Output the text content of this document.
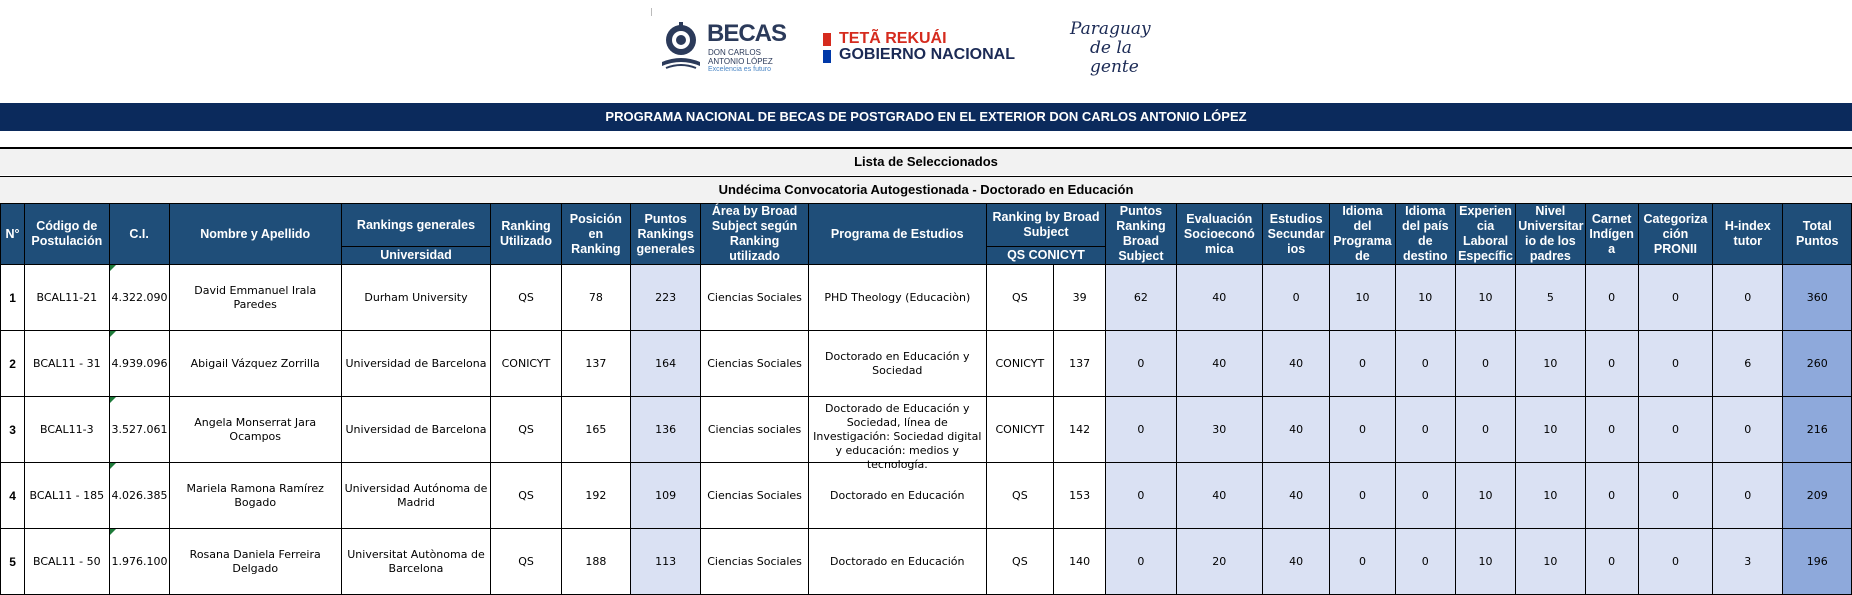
BECAS
DON CARLOS ANTONIO LÓPEZ
Excelencia es futuro
TETÃ REKUÁI
GOBIERNO NACIONAL
Paraguay
de la gente
PROGRAMA NACIONAL DE BECAS DE POSTGRADO EN EL EXTERIOR DON CARLOS ANTONIO LÓPEZ
Lista de Seleccionados
Undécima Convocatoria Autogestionada - Doctorado en Educación
N°	Código de Postulación	C.I.	Nombre y Apellido	Rankings generales	Ranking Utilizado	Posición en Ranking	Puntos Rankings generales	Área by Broad Subject según Ranking utilizado	Programa de Estudios	Ranking by Broad Subject		Puntos Ranking Broad Subject	Evaluación Socioeconó mica	Estudios Secundar ios	Idioma del Programa de	Idioma del país de destino	Experien cia Laboral Específic	Nivel Universitar io de los padres	Carnet Indígen a	Categoriza ción PRONII	H-index tutor	Total Puntos
				Universidad						QS CONICYT												

1	BCAL11-21	4.322.090	David Emmanuel Irala Paredes	Durham University	QS	78	223	Ciencias Sociales	PHD Theology (Educaciòn)	QS	39	62	40	0	10	10	10	5	0	0	0	360

2	BCAL11 - 31	4.939.096	Abigail Vázquez Zorrilla	Universidad de Barcelona	CONICYT	137	164	Ciencias Sociales	Doctorado en Educación y Sociedad	CONICYT	137	0	40	40	0	0	0	10	0	0	6	260

3	BCAL11-3	3.527.061	Angela Monserrat Jara Ocampos	Universidad de Barcelona	QS	165	136	Ciencias sociales	Doctorado de Educación y Sociedad, línea de Investigación: Sociedad digital y educación: medios y tecnología.	CONICYT	142	0	30	40	0	0	0	10	0	0	0	216

4	BCAL11 - 185	4.026.385	Mariela Ramona Ramírez Bogado	Universidad Autónoma de Madrid	QS	192	109	Ciencias Sociales	Doctorado en Educación	QS	153	0	40	40	0	0	10	10	0	0	0	209

5	BCAL11 - 50	1.976.100	Rosana Daniela Ferreira Delgado	Universitat Autònoma de Barcelona	QS	188	113	Ciencias Sociales	Doctorado en Educación	QS	140	0	20	40	0	0	10	10	0	0	3	196
